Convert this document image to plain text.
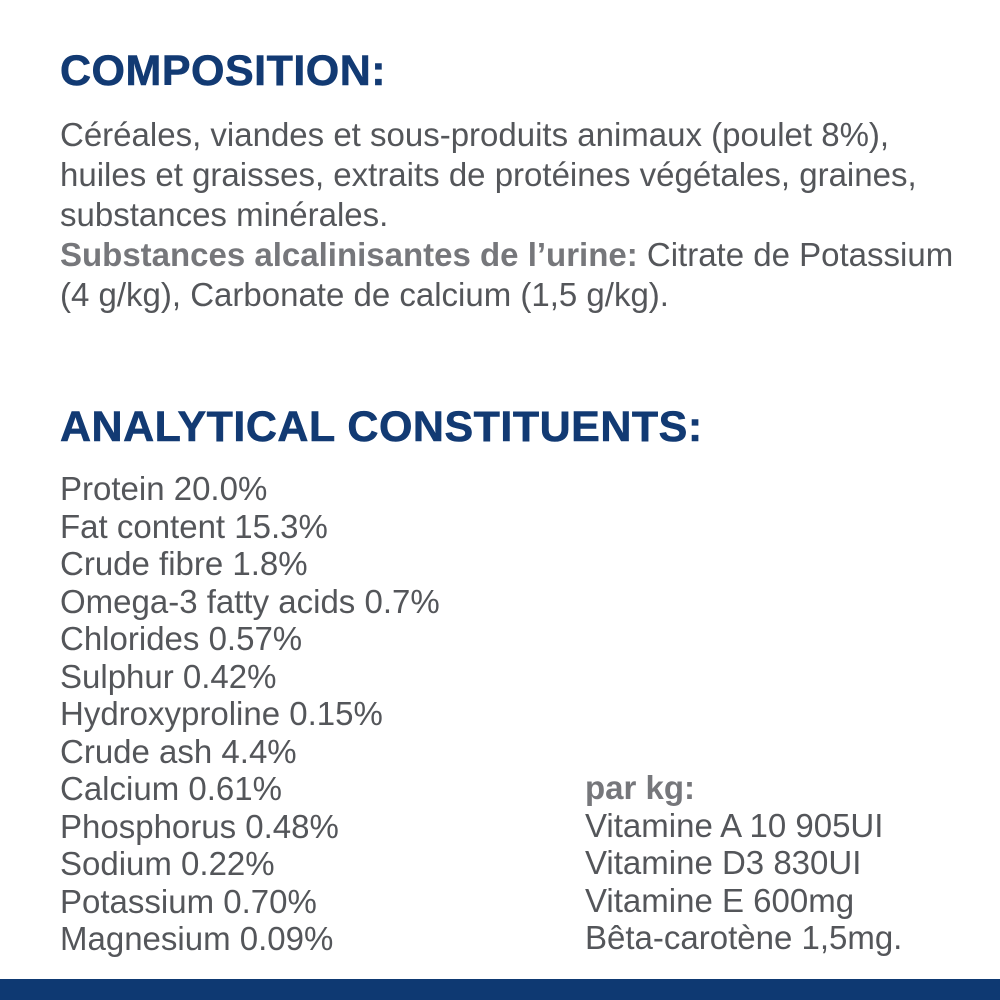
COMPOSITION:

Céréales, viandes et sous-produits animaux (poulet 8%), huiles et graisses, extraits de protéines végétales, graines, substances minérales.

Substances alcalinisantes de l’urine: Citrate de Potassium (4 g/kg), Carbonate de calcium (1,5 g/kg).

ANALYTICAL CONSTITUENTS:
Protein 20.0%
Fat content 15.3%
Crude fibre 1.8%
Omega-3 fatty acids 0.7%
Chlorides 0.57%
Sulphur 0.42%
Hydroxyproline 0.15%
Crude ash 4.4%
Calcium 0.61%
Phosphorus 0.48%
Sodium 0.22%
Potassium 0.70%
Magnesium 0.09%
par kg:
Vitamine A 10 905UI
Vitamine D3 830UI
Vitamine E 600mg
Bêta-carotène 1,5mg.
